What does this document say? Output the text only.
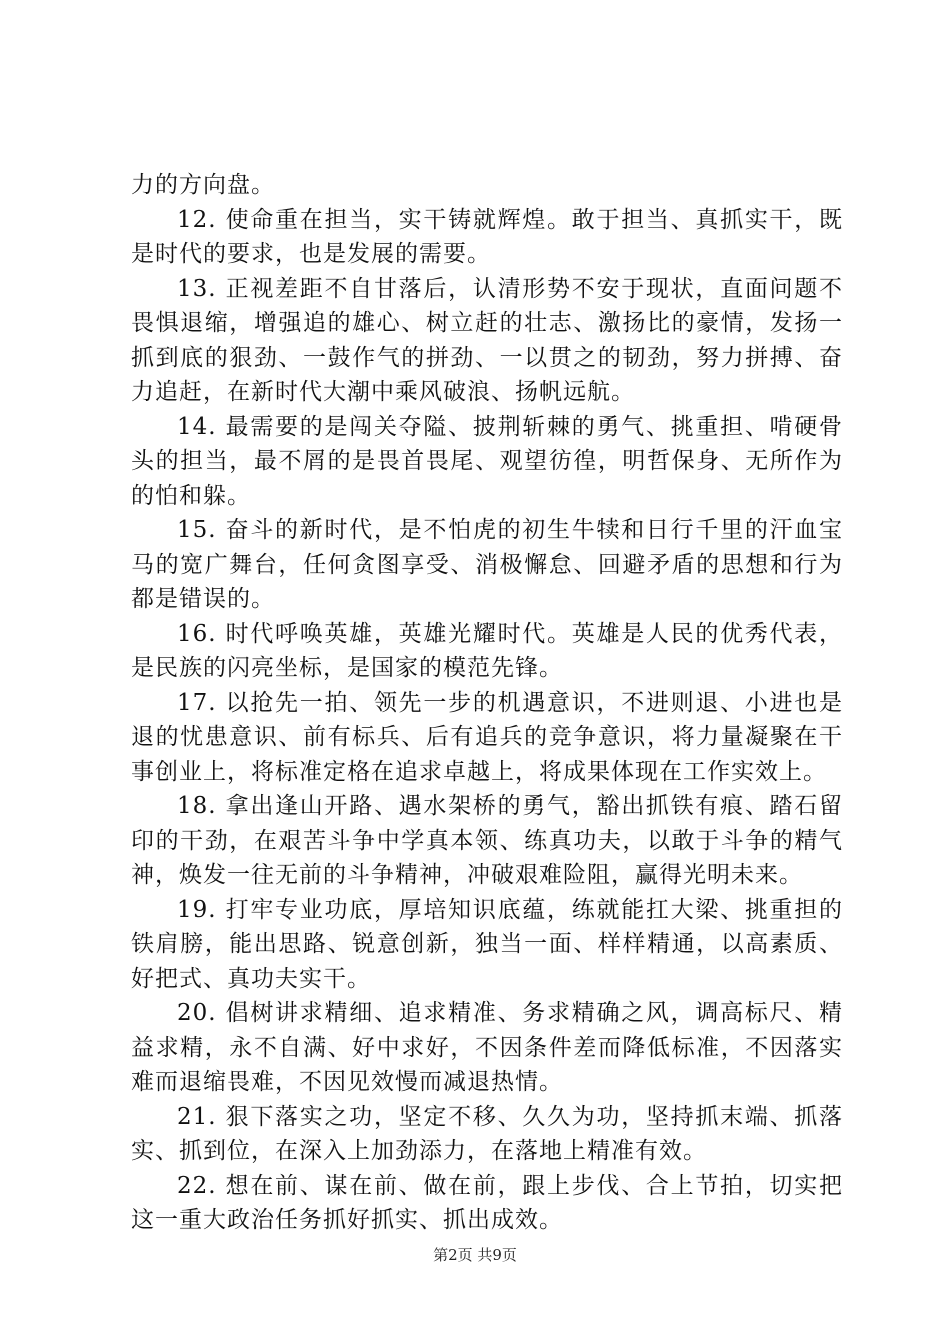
力的方向盘。

12. 使命重在担当，实干铸就辉煌。敢于担当、真抓实干，既是时代的要求，也是发展的需要。

13. 正视差距不自甘落后，认清形势不安于现状，直面问题不畏惧退缩，增强追的雄心、树立赶的壮志、激扬比的豪情，发扬一抓到底的狠劲、一鼓作气的拼劲、一以贯之的韧劲，努力拼搏、奋力追赶，在新时代大潮中乘风破浪、扬帆远航。

14. 最需要的是闯关夺隘、披荆斩棘的勇气、挑重担、啃硬骨头的担当，最不屑的是畏首畏尾、观望彷徨，明哲保身、无所作为的怕和躲。

15. 奋斗的新时代，是不怕虎的初生牛犊和日行千里的汗血宝马的宽广舞台，任何贪图享受、消极懈怠、回避矛盾的思想和行为都是错误的。

16. 时代呼唤英雄，英雄光耀时代。英雄是人民的优秀代表，是民族的闪亮坐标，是国家的模范先锋。

17. 以抢先一拍、领先一步的机遇意识，不进则退、小进也是退的忧患意识、前有标兵、后有追兵的竞争意识，将力量凝聚在干事创业上，将标准定格在追求卓越上，将成果体现在工作实效上。

18. 拿出逢山开路、遇水架桥的勇气，豁出抓铁有痕、踏石留印的干劲，在艰苦斗争中学真本领、练真功夫，以敢于斗争的精气神，焕发一往无前的斗争精神，冲破艰难险阻，赢得光明未来。

19. 打牢专业功底，厚培知识底蕴，练就能扛大梁、挑重担的铁肩膀，能出思路、锐意创新，独当一面、样样精通，以高素质、好把式、真功夫实干。

20. 倡树讲求精细、追求精准、务求精确之风，调高标尺、精益求精，永不自满、好中求好，不因条件差而降低标准，不因落实难而退缩畏难，不因见效慢而减退热情。

21. 狠下落实之功，坚定不移、久久为功，坚持抓末端、抓落实、抓到位，在深入上加劲添力，在落地上精准有效。

22. 想在前、谋在前、做在前，跟上步伐、合上节拍，切实把这一重大政治任务抓好抓实、抓出成效。

第2页 共9页
